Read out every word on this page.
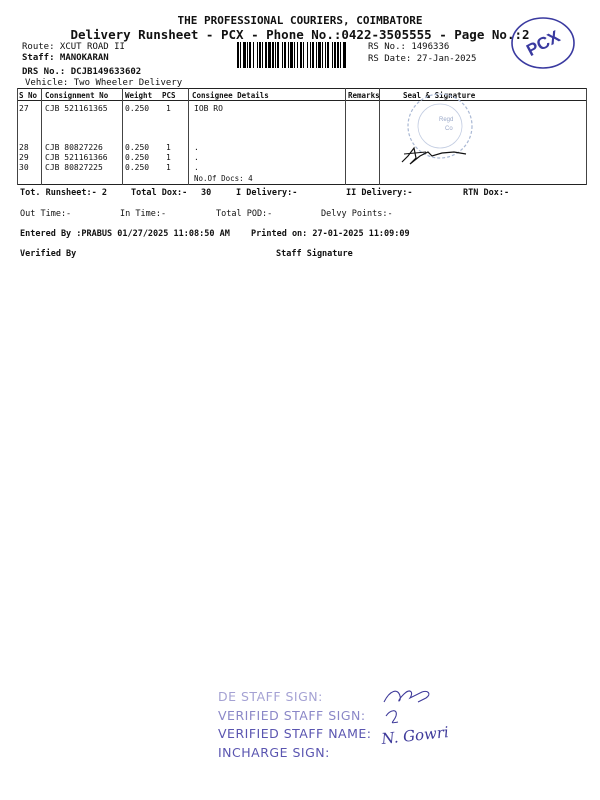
THE PROFESSIONAL COURIERS, COIMBATORE
Delivery Runsheet - PCX - Phone No.:0422-3505555 - Page No.:2
Route: XCUT ROAD II
Staff: MANOKARAN
DRS No.: DCJB149633602
Vehicle: Two Wheeler Delivery
RS No.: 1496336
RS Date: 27-Jan-2025	PCX
S No Consignment No Weight PCS Consignee Details	Remarks	Seal & Signature
27 CJB 521161365 0.250 1	IOB RO
28 CJB 80827226	0.250 1	.
29 CJB 521161366 0.250 1	.
30 CJB 80827225	0.250 1	.
No.Of Docs: 4
Regd
Co
Tot. Runsheet:- 2	Total Dox:- 30	I Delivery:-	II Delivery:-	RTN Dox:-
Out Time:-	In Time:-	Total POD:-	Delvy Points:-
Entered By :PRABUS 01/27/2025 11:08:50 AM Printed on: 27-01-2025 11:09:09
Verified By	Staff Signature
DE STAFF SIGN:
VERIFIED STAFF SIGN:
VERIFIED STAFF NAME:
INCHARGE SIGN:
N. Gowri
